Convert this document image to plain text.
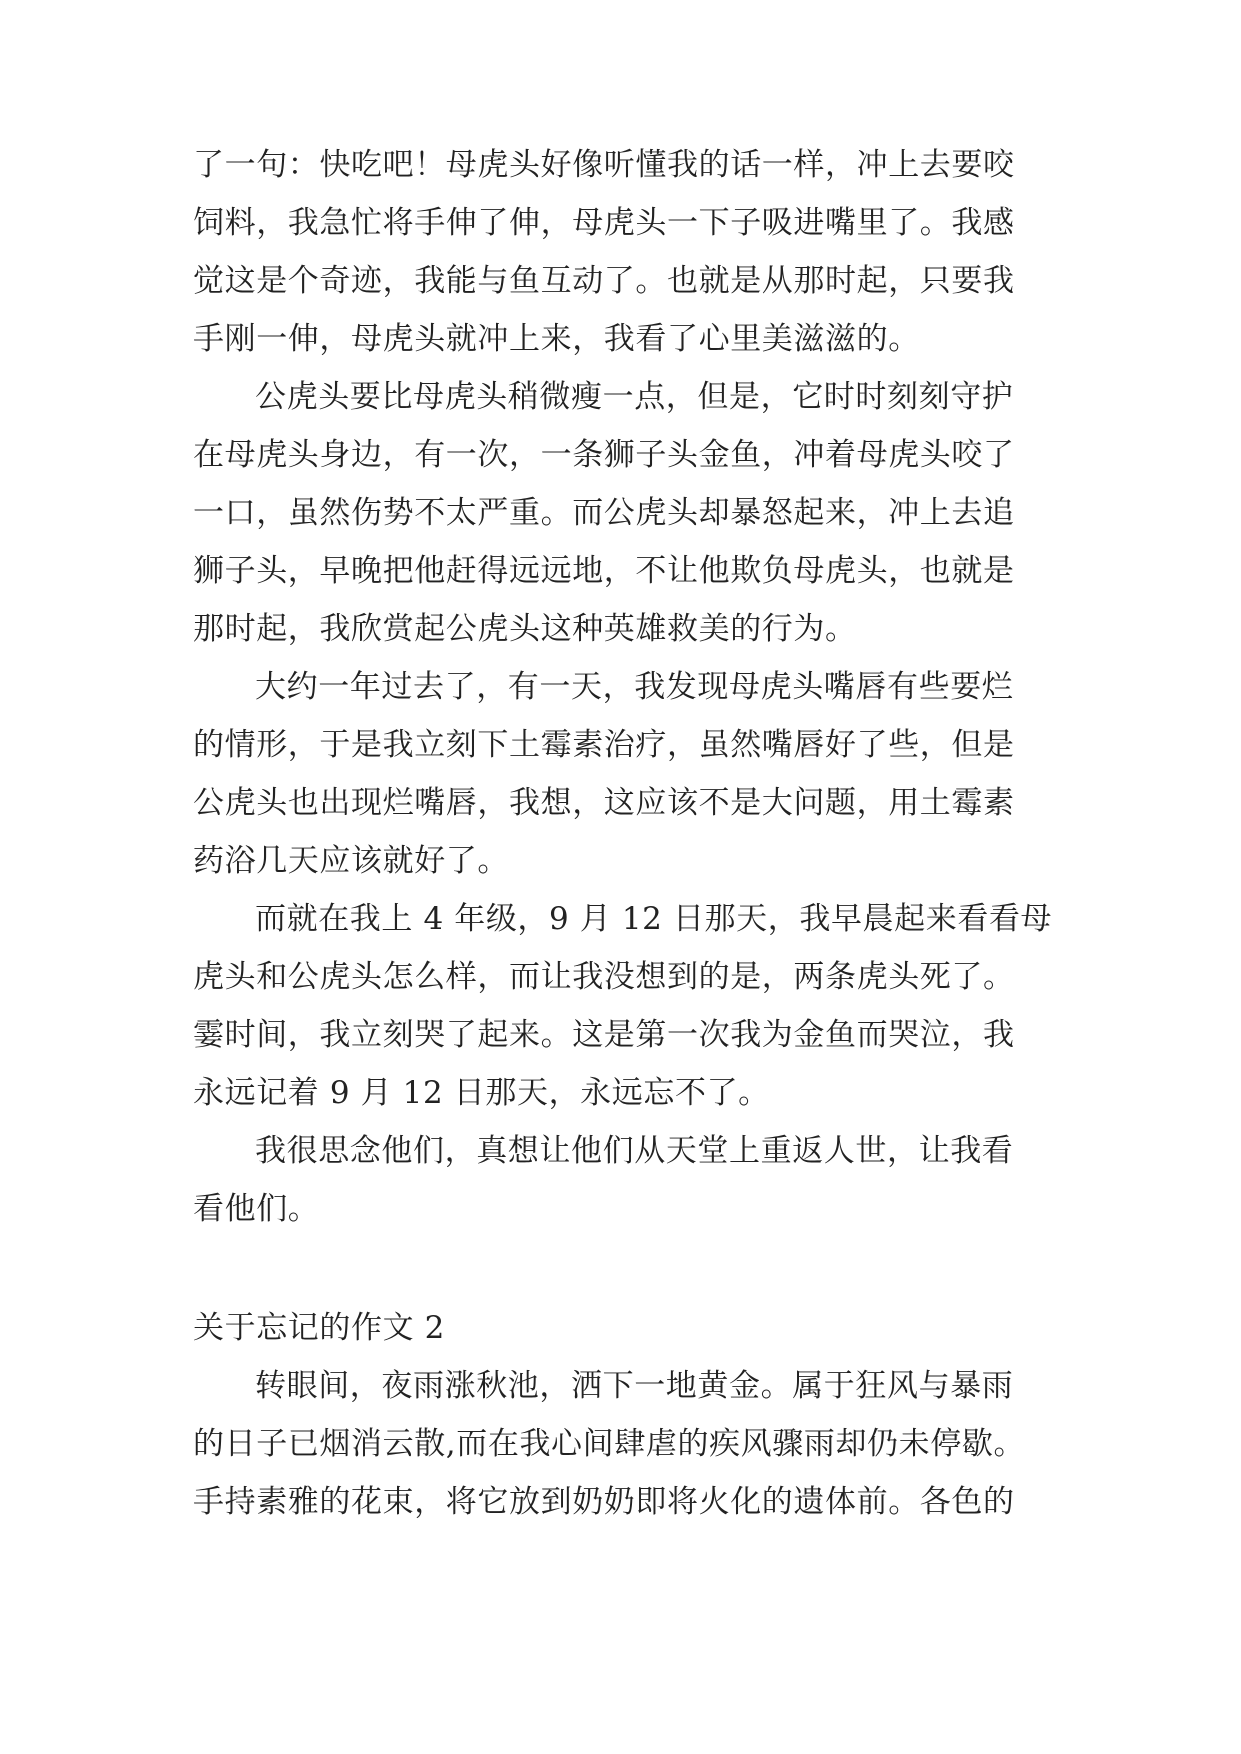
了一句：快吃吧！母虎头好像听懂我的话一样，冲上去要咬
饲料，我急忙将手伸了伸，母虎头一下子吸进嘴里了。我感
觉这是个奇迹，我能与鱼互动了。也就是从那时起，只要我
手刚一伸，母虎头就冲上来，我看了心里美滋滋的。
公虎头要比母虎头稍微瘦一点，但是，它时时刻刻守护
在母虎头身边，有一次，一条狮子头金鱼，冲着母虎头咬了
一口，虽然伤势不太严重。而公虎头却暴怒起来，冲上去追
狮子头，早晚把他赶得远远地，不让他欺负母虎头，也就是
那时起，我欣赏起公虎头这种英雄救美的行为。
大约一年过去了，有一天，我发现母虎头嘴唇有些要烂
的情形，于是我立刻下土霉素治疗，虽然嘴唇好了些，但是
公虎头也出现烂嘴唇，我想，这应该不是大问题，用土霉素
药浴几天应该就好了。
而就在我上 4 年级，9 月 12 日那天，我早晨起来看看母
虎头和公虎头怎么样，而让我没想到的是，两条虎头死了。
霎时间，我立刻哭了起来。这是第一次我为金鱼而哭泣，我
永远记着 9 月 12 日那天，永远忘不了。
我很思念他们，真想让他们从天堂上重返人世，让我看
看他们。
关于忘记的作文 2
转眼间，夜雨涨秋池，洒下一地黄金。属于狂风与暴雨
的日子已烟消云散,而在我心间肆虐的疾风骤雨却仍未停歇。
手持素雅的花束，将它放到奶奶即将火化的遗体前。各色的
